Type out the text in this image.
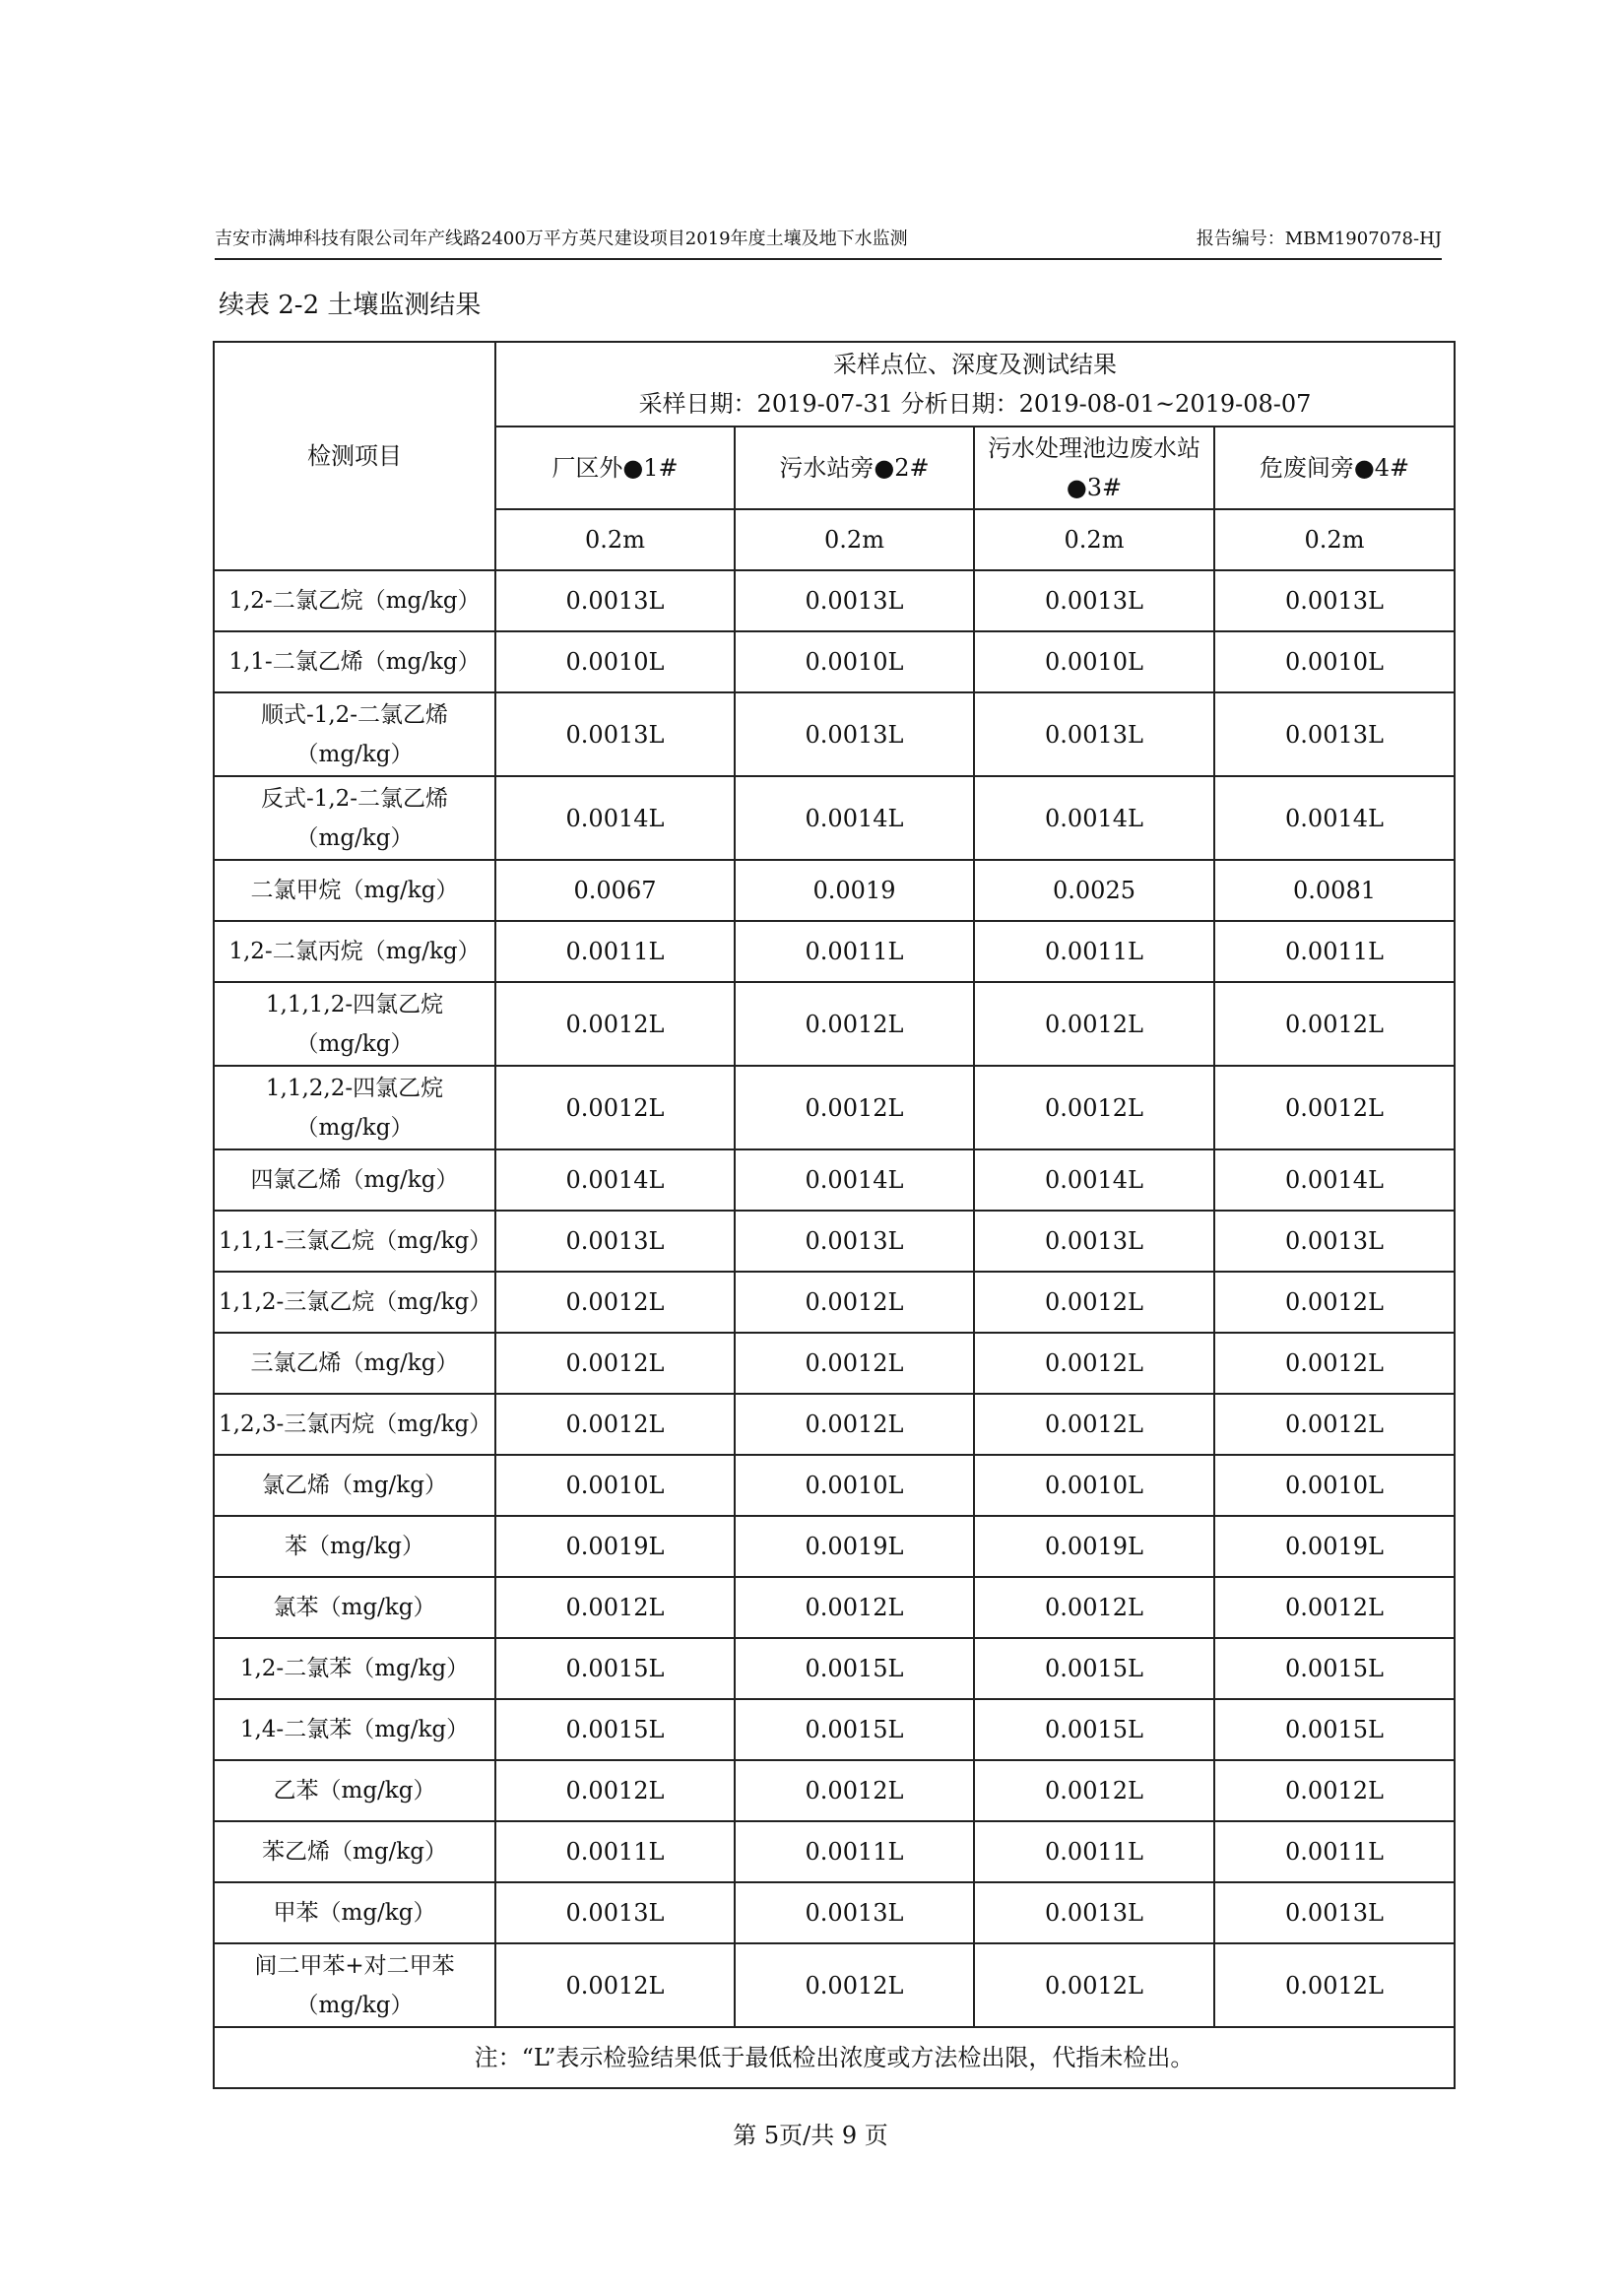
吉安市满坤科技有限公司年产线路2400万平方英尺建设项目2019年度土壤及地下水监测	报告编号：MBM1907078-HJ
续表 2-2 土壤监测结果
检测项目	采样点位、深度及测试结果
采样日期：2019-07-31 分析日期：2019-08-01~2019-08-07			

	厂区外●1#	污水站旁●2#	污水处理池边废水站●3#	危废间旁●4#
	0.2m	0.2m	0.2m	0.2m
1,2-二氯乙烷（mg/kg）	0.0013L	0.0013L	0.0013L	0.0013L
1,1-二氯乙烯（mg/kg）	0.0010L	0.0010L	0.0010L	0.0010L
顺式-1,2-二氯乙烯（mg/kg）	0.0013L	0.0013L	0.0013L	0.0013L
反式-1,2-二氯乙烯（mg/kg）	0.0014L	0.0014L	0.0014L	0.0014L
二氯甲烷（mg/kg）	0.0067	0.0019	0.0025	0.0081
1,2-二氯丙烷（mg/kg）	0.0011L	0.0011L	0.0011L	0.0011L
1,1,1,2-四氯乙烷（mg/kg）	0.0012L	0.0012L	0.0012L	0.0012L
1,1,2,2-四氯乙烷（mg/kg）	0.0012L	0.0012L	0.0012L	0.0012L
四氯乙烯（mg/kg）	0.0014L	0.0014L	0.0014L	0.0014L
1,1,1-三氯乙烷（mg/kg）	0.0013L	0.0013L	0.0013L	0.0013L
1,1,2-三氯乙烷（mg/kg）	0.0012L	0.0012L	0.0012L	0.0012L
三氯乙烯（mg/kg）	0.0012L	0.0012L	0.0012L	0.0012L
1,2,3-三氯丙烷（mg/kg）	0.0012L	0.0012L	0.0012L	0.0012L
氯乙烯（mg/kg）	0.0010L	0.0010L	0.0010L	0.0010L
苯（mg/kg）	0.0019L	0.0019L	0.0019L	0.0019L
氯苯（mg/kg）	0.0012L	0.0012L	0.0012L	0.0012L
1,2-二氯苯（mg/kg）	0.0015L	0.0015L	0.0015L	0.0015L
1,4-二氯苯（mg/kg）	0.0015L	0.0015L	0.0015L	0.0015L
乙苯（mg/kg）	0.0012L	0.0012L	0.0012L	0.0012L
苯乙烯（mg/kg）	0.0011L	0.0011L	0.0011L	0.0011L
甲苯（mg/kg）	0.0013L	0.0013L	0.0013L	0.0013L
间二甲苯+对二甲苯（mg/kg）	0.0012L	0.0012L	0.0012L	0.0012L
注：“L”表示检验结果低于最低检出浓度或方法检出限，代指未检出。				
第 5页/共 9 页
